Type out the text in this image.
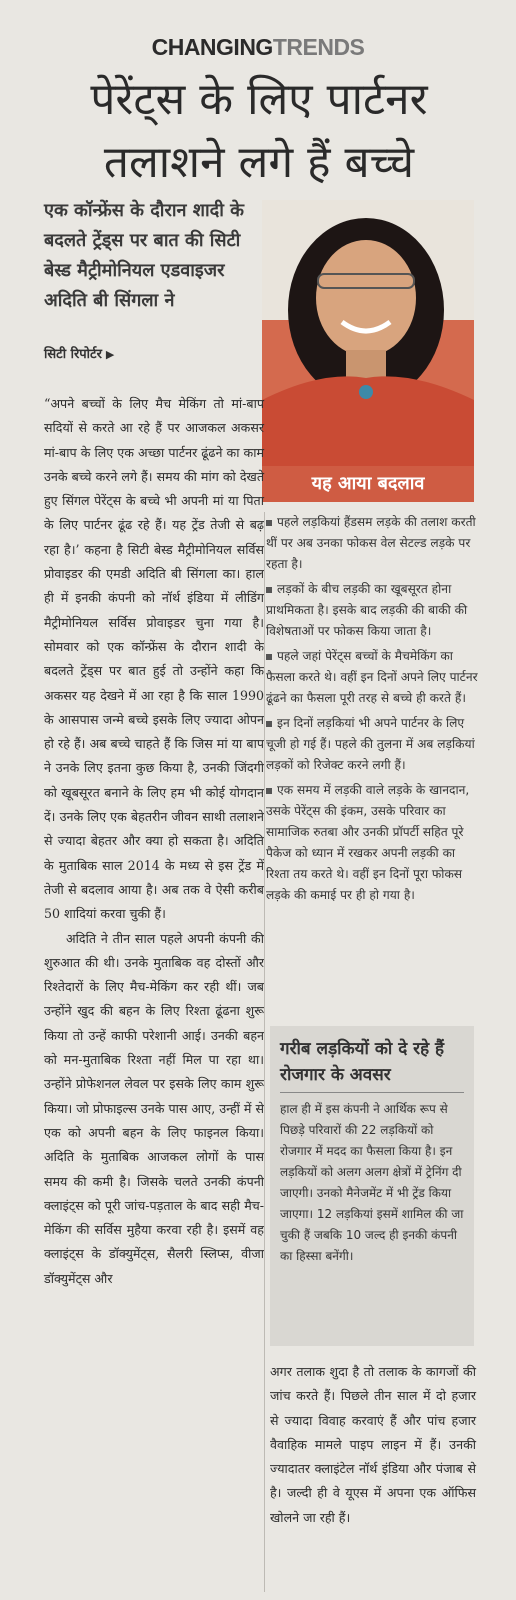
CHANGINGTRENDS
पेरेंट्स के लिए पार्टनर
तलाशने लगे हैं बच्चे
एक कॉन्फ्रेंस के दौरान शादी के बदलते ट्रेंड्स पर बात की सिटी बेस्ड मैट्रीमोनियल एडवाइजर अदिति बी सिंगला ने
सिटी रिपोर्टर ▶
यह आया बदलाव

“अपने बच्चों के लिए मैच मेकिंग तो मां-बाप सदियों से करते आ रहे हैं पर आजकल अकसर मां-बाप के लिए एक अच्छा पार्टनर ढूंढने का काम उनके बच्चे करने लगे हैं। समय की मांग को देखते हुए सिंगल पेरेंट्स के बच्चे भी अपनी मां या पिता के लिए पार्टनर ढूंढ रहे हैं। यह ट्रेंड तेजी से बढ़ रहा है।’ कहना है सिटी बेस्ड मैट्रीमोनियल सर्विस प्रोवाइडर की एमडी अदिति बी सिंगला का। हाल ही में इनकी कंपनी को नॉर्थ इंडिया में लीडिंग मैट्रीमोनियल सर्विस प्रोवाइडर चुना गया है। सोमवार को एक कॉन्फ्रेंस के दौरान शादी के बदलते ट्रेंड्स पर बात हुई तो उन्होंने कहा कि अकसर यह देखने में आ रहा है कि साल 1990 के आसपास जन्मे बच्चे इसके लिए ज्यादा ओपन हो रहे हैं। अब बच्चे चाहते हैं कि जिस मां या बाप ने उनके लिए इतना कुछ किया है, उनकी जिंदगी को खूबसूरत बनाने के लिए हम भी कोई योगदान दें। उनके लिए एक बेहतरीन जीवन साथी तलाशने से ज्यादा बेहतर और क्या हो सकता है। अदिति के मुताबिक साल 2014 के मध्य से इस ट्रेंड में तेजी से बदलाव आया है। अब तक वे ऐसी करीब 50 शादियां करवा चुकी हैं।

अदिति ने तीन साल पहले अपनी कंपनी की शुरुआत की थी। उनके मुताबिक वह दोस्तों और रिश्तेदारों के लिए मैच-मेकिंग कर रही थीं। जब उन्होंने खुद की बहन के लिए रिश्ता ढूंढना शुरू किया तो उन्हें काफी परेशानी आई। उनकी बहन को मन-मुताबिक रिश्ता नहीं मिल पा रहा था। उन्होंने प्रोफेशनल लेवल पर इसके लिए काम शुरू किया। जो प्रोफाइल्स उनके पास आए, उन्हीं में से एक को अपनी बहन के लिए फाइनल किया। अदिति के मुताबिक आजकल लोगों के पास समय की कमी है। जिसके चलते उनकी कंपनी क्लाइंट्स को पूरी जांच-पड़ताल के बाद सही मैच-मेकिंग की सर्विस मुहैया करवा रही है। इसमें वह क्लाइंट्स के डॉक्युमेंट्स, सैलरी स्लिप्स, वीजा डॉक्युमेंट्स और

पहले लड़कियां हैंडसम लड़के की तलाश करती थीं पर अब उनका फोकस वेल सेटल्ड लड़के पर रहता है।
लड़कों के बीच लड़की का खूबसूरत होना प्राथमिकता है। इसके बाद लड़की की बाकी की विशेषताओं पर फोकस किया जाता है।
पहले जहां पेरेंट्स बच्चों के मैचमेकिंग का फैसला करते थे। वहीं इन दिनों अपने लिए पार्टनर ढूंढने का फैसला पूरी तरह से बच्चे ही करते हैं।
इन दिनों लड़कियां भी अपने पार्टनर के लिए चूजी हो गई हैं। पहले की तुलना में अब लड़कियां लड़कों को रिजेक्ट करने लगी हैं।
एक समय में लड़की वाले लड़के के खानदान, उसके पेरेंट्स की इंकम, उसके परिवार का सामाजिक रुतबा और उनकी प्रॉपर्टी सहित पूरे पैकेज को ध्यान में रखकर अपनी लड़की का रिश्ता तय करते थे। वहीं इन दिनों पूरा फोकस लड़के की कमाई पर ही हो गया है।
गरीब लड़कियों को दे रहे हैं रोजगार के अवसर
हाल ही में इस कंपनी ने आर्थिक रूप से पिछड़े परिवारों की 22 लड़कियों को रोजगार में मदद का फैसला किया है। इन लड़कियों को अलग अलग क्षेत्रों में ट्रेनिंग दी जाएगी। उनको मैनेजमेंट में भी ट्रेंड किया जाएगा। 12 लड़कियां इसमें शामिल की जा चुकी हैं जबकि 10 जल्द ही इनकी कंपनी का हिस्सा बनेंगी।
अगर तलाक शुदा है तो तलाक के कागजों की जांच करते हैं। पिछले तीन साल में दो हजार से ज्यादा विवाह करवाएं हैं और पांच हजार वैवाहिक मामले पाइप लाइन में हैं। उनकी ज्यादातर क्लाइंटेल नॉर्थ इंडिया और पंजाब से है। जल्दी ही वे यूएस में अपना एक ऑफिस खोलने जा रही हैं।
